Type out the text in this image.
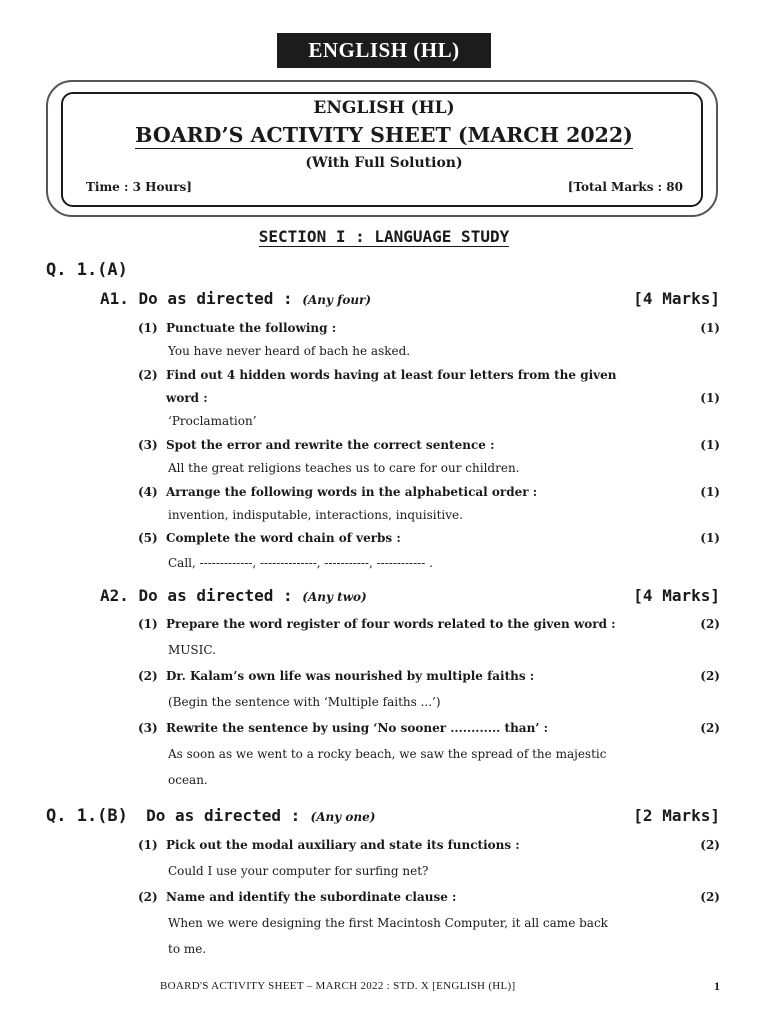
ENGLISH (HL)
ENGLISH (HL)
BOARD’S ACTIVITY SHEET (MARCH 2022)
(With Full Solution)
Time : 3 Hours]	[Total Marks : 80
SECTION I : LANGUAGE STUDY
Q. 1.(A)
A1. Do as directed : (Any four)	[4 Marks]
(1) Punctuate the following :	(1)
You have never heard of bach he asked.
(2) Find out 4 hidden words having at least four letters from the given
word :	(1)
‘Proclamation’
(3) Spot the error and rewrite the correct sentence :	(1)
All the great religions teaches us to care for our children.
(4) Arrange the following words in the alphabetical order :	(1)
invention, indisputable, interactions, inquisitive.
(5) Complete the word chain of verbs :	(1)
Call, -------------, --------------, -----------, ------------ .
A2. Do as directed : (Any two)	[4 Marks]
(1) Prepare the word register of four words related to the given word :	(2)
MUSIC.
(2) Dr. Kalam’s own life was nourished by multiple faiths :	(2)
(Begin the sentence with ‘Multiple faiths ...’)
(3) Rewrite the sentence by using ‘No sooner ............ than’ :	(2)
As soon as we went to a rocky beach, we saw the spread of the majestic
ocean.
Q. 1.(B) Do as directed : (Any one)	[2 Marks]
(1) Pick out the modal auxiliary and state its functions :	(2)
Could I use your computer for surfing net?
(2) Name and identify the subordinate clause :	(2)
When we were designing the first Macintosh Computer, it all came back
to me.
BOARD'S ACTIVITY SHEET – MARCH 2022 : STD. X [ENGLISH (HL)]	1
